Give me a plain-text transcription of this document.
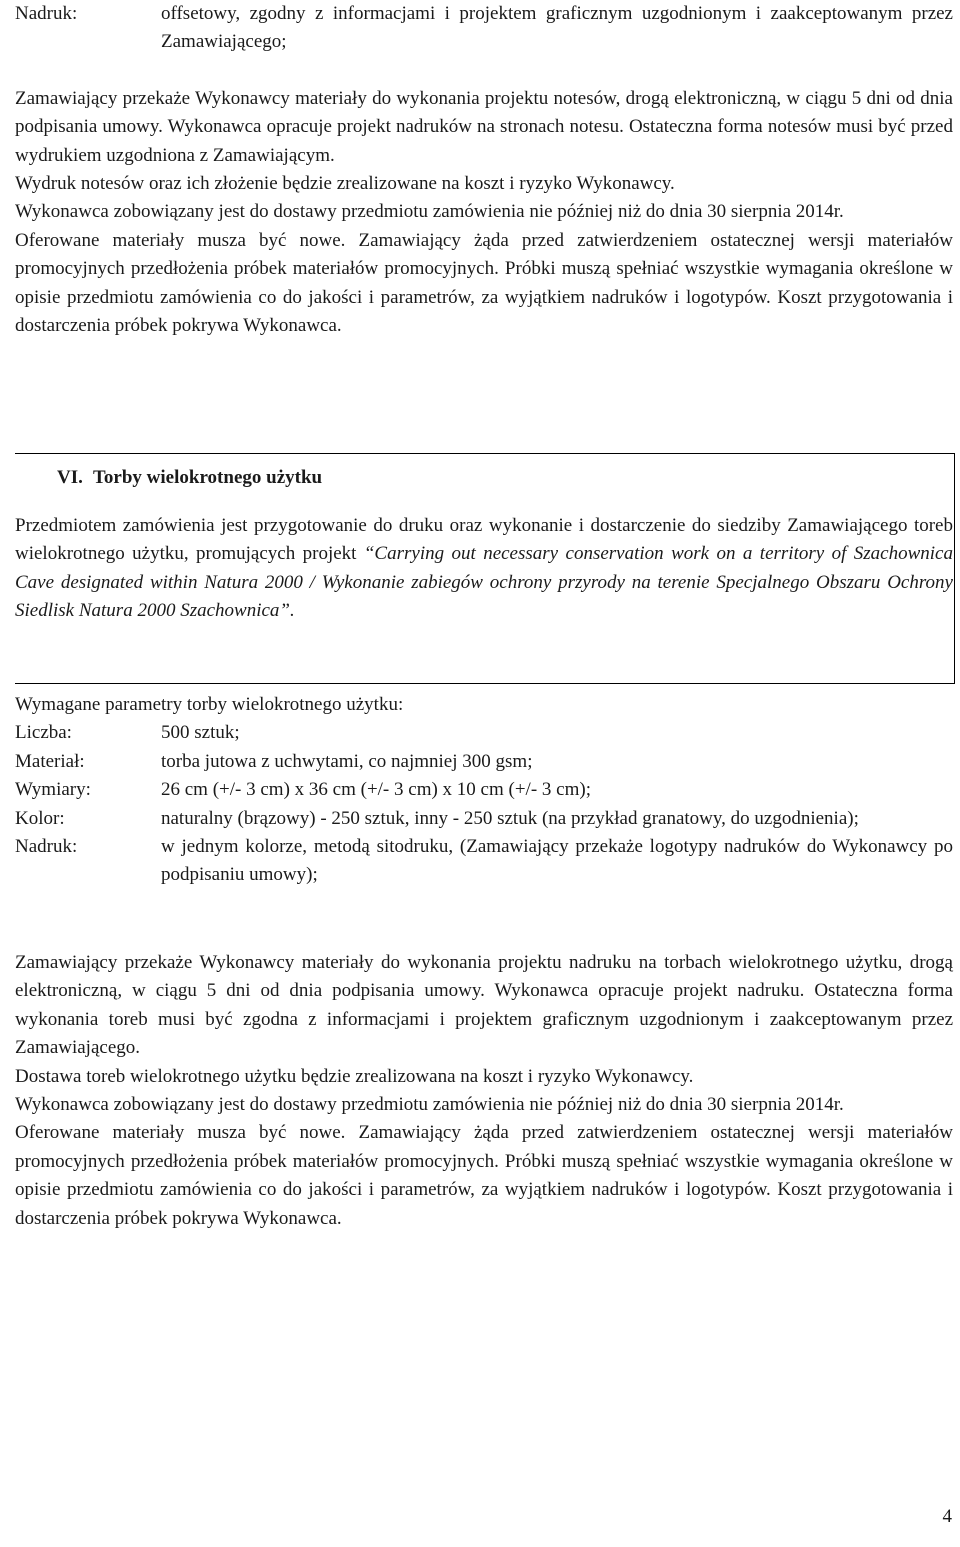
Nadruk:	offsetowy, zgodny z informacjami i projektem graficznym uzgodnionym i zaakceptowanym przez Zamawiającego;

Zamawiający przekaże Wykonawcy materiały do wykonania projektu notesów, drogą elektroniczną, w ciągu 5 dni od dnia podpisania umowy. Wykonawca opracuje projekt nadruków na stronach notesu. Ostateczna forma notesów musi być przed wydrukiem uzgodniona z Zamawiającym.

Wydruk notesów oraz ich złożenie będzie zrealizowane na koszt i ryzyko Wykonawcy.

Wykonawca zobowiązany jest do dostawy przedmiotu zamówienia nie później niż do dnia 30 sierpnia 2014r.

Oferowane materiały musza być nowe. Zamawiający żąda przed zatwierdzeniem ostatecznej wersji materiałów promocyjnych przedłożenia próbek materiałów promocyjnych. Próbki muszą spełniać wszystkie wymagania określone w opisie przedmiotu zamówienia co do jakości i parametrów, za wyjątkiem nadruków i logotypów. Koszt przygotowania i dostarczenia próbek pokrywa Wykonawca.

VI. Torby wielokrotnego użytku

Przedmiotem zamówienia jest przygotowanie do druku oraz wykonanie i dostarczenie do siedziby Zamawiającego toreb wielokrotnego użytku, promujących projekt “Carrying out necessary conservation work on a territory of Szachownica Cave designated within Natura 2000 / Wykonanie zabiegów ochrony przyrody na terenie Specjalnego Obszaru Ochrony Siedlisk Natura 2000 Szachownica”.

Wymagane parametry torby wielokrotnego użytku:
Liczba:	500 sztuk;
Materiał:	torba jutowa z uchwytami, co najmniej 300 gsm;
Wymiary:	26 cm (+/- 3 cm) x 36 cm (+/- 3 cm) x 10 cm (+/- 3 cm);
Kolor:	naturalny (brązowy) - 250 sztuk, inny - 250 sztuk (na przykład granatowy, do uzgodnienia);
Nadruk:	w jednym kolorze, metodą sitodruku, (Zamawiający przekaże logotypy nadruków do Wykonawcy po podpisaniu umowy);

Zamawiający przekaże Wykonawcy materiały do wykonania projektu nadruku na torbach wielokrotnego użytku, drogą elektroniczną, w ciągu 5 dni od dnia podpisania umowy. Wykonawca opracuje projekt nadruku. Ostateczna forma wykonania toreb musi być zgodna z informacjami i projektem graficznym uzgodnionym i zaakceptowanym przez Zamawiającego.

Dostawa toreb wielokrotnego użytku będzie zrealizowana na koszt i ryzyko Wykonawcy.

Wykonawca zobowiązany jest do dostawy przedmiotu zamówienia nie później niż do dnia 30 sierpnia 2014r.

Oferowane materiały musza być nowe. Zamawiający żąda przed zatwierdzeniem ostatecznej wersji materiałów promocyjnych przedłożenia próbek materiałów promocyjnych. Próbki muszą spełniać wszystkie wymagania określone w opisie przedmiotu zamówienia co do jakości i parametrów, za wyjątkiem nadruków i logotypów. Koszt przygotowania i dostarczenia próbek pokrywa Wykonawca.

4
